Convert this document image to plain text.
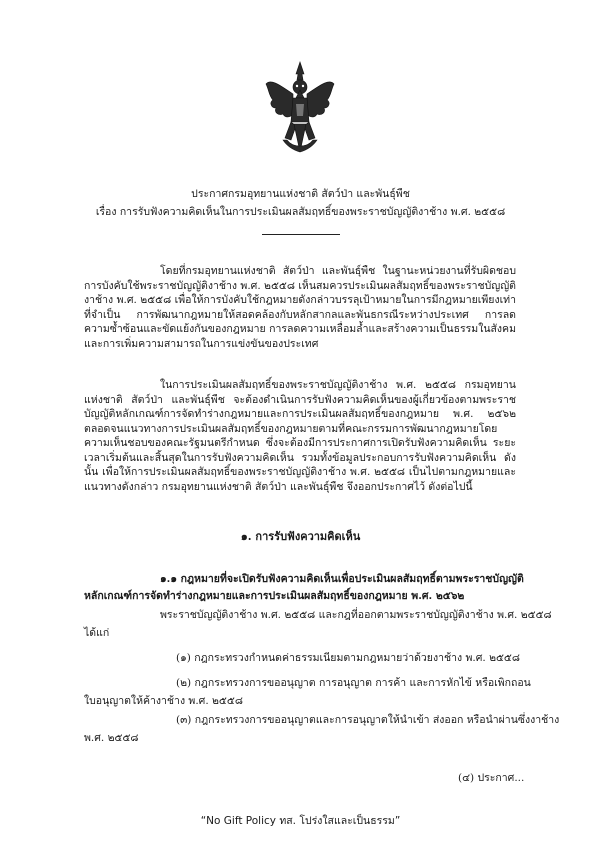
ประกาศกรมอุทยานแห่งชาติ สัตว์ป่า และพันธุ์พืช
เรื่อง การรับฟังความคิดเห็นในการประเมินผลสัมฤทธิ์ของพระราชบัญญัติงาช้าง พ.ศ. ๒๕๕๘
โดยที่กรมอุทยานแห่งชาติ สัตว์ป่า และพันธุ์พืช ในฐานะหน่วยงานที่รับผิดชอบการบังคับใช้พระราชบัญญัติงาช้าง พ.ศ. ๒๕๕๘ เห็นสมควรประเมินผลสัมฤทธิ์ของพระราชบัญญัติงาช้าง พ.ศ. ๒๕๕๘ เพื่อให้การบังคับใช้กฎหมายดังกล่าวบรรลุเป้าหมายในการมีกฎหมายเพียงเท่าที่จำเป็น การพัฒนากฎหมายให้สอดคล้องกับหลักสากลและพันธกรณีระหว่างประเทศ การลดความซ้ำซ้อนและขัดแย้งกันของกฎหมาย การลดความเหลื่อมล้ำและสร้างความเป็นธรรมในสังคม และการเพิ่มความสามารถในการแข่งขันของประเทศ
ในการประเมินผลสัมฤทธิ์ของพระราชบัญญัติงาช้าง พ.ศ. ๒๕๕๘ กรมอุทยานแห่งชาติ สัตว์ป่า และพันธุ์พืช จะต้องดำเนินการรับฟังความคิดเห็นของผู้เกี่ยวข้องตามพระราชบัญญัติหลักเกณฑ์การจัดทำร่างกฎหมายและการประเมินผลสัมฤทธิ์ของกฎหมาย พ.ศ. ๒๕๖๒ ตลอดจนแนวทางการประเมินผลสัมฤทธิ์ของกฎหมายตามที่คณะกรรมการพัฒนากฎหมายโดยความเห็นชอบของคณะรัฐมนตรีกำหนด ซึ่งจะต้องมีการประกาศการเปิดรับฟังความคิดเห็น ระยะเวลาเริ่มต้นและสิ้นสุดในการรับฟังความคิดเห็น รวมทั้งข้อมูลประกอบการรับฟังความคิดเห็น ดังนั้น เพื่อให้การประเมินผลสัมฤทธิ์ของพระราชบัญญัติงาช้าง พ.ศ. ๒๕๕๘ เป็นไปตามกฎหมายและแนวทางดังกล่าว กรมอุทยานแห่งชาติ สัตว์ป่า และพันธุ์พืช จึงออกประกาศไว้ ดังต่อไปนี้
๑. การรับฟังความคิดเห็น
๑.๑ กฎหมายที่จะเปิดรับฟังความคิดเห็นเพื่อประเมินผลสัมฤทธิ์ตามพระราชบัญญัติ
หลักเกณฑ์การจัดทำร่างกฎหมายและการประเมินผลสัมฤทธิ์ของกฎหมาย พ.ศ. ๒๕๖๒
พระราชบัญญัติงาช้าง พ.ศ. ๒๕๕๘ และกฎที่ออกตามพระราชบัญญัติงาช้าง พ.ศ. ๒๕๕๘
ได้แก่
(๑) กฎกระทรวงกำหนดค่าธรรมเนียมตามกฎหมายว่าด้วยงาช้าง พ.ศ. ๒๕๕๘
(๒) กฎกระทรวงการขออนุญาต การอนุญาต การค้า และการหักไข้ หรือเพิกถอน
ใบอนุญาตให้ค้างาช้าง พ.ศ. ๒๕๕๘
(๓) กฎกระทรวงการขออนุญาตและการอนุญาตให้นำเข้า ส่งออก หรือนำผ่านซึ่งงาช้าง
พ.ศ. ๒๕๕๘
(๔) ประกาศ...
“No Gift Policy ทส. โปร่งใสและเป็นธรรม”
